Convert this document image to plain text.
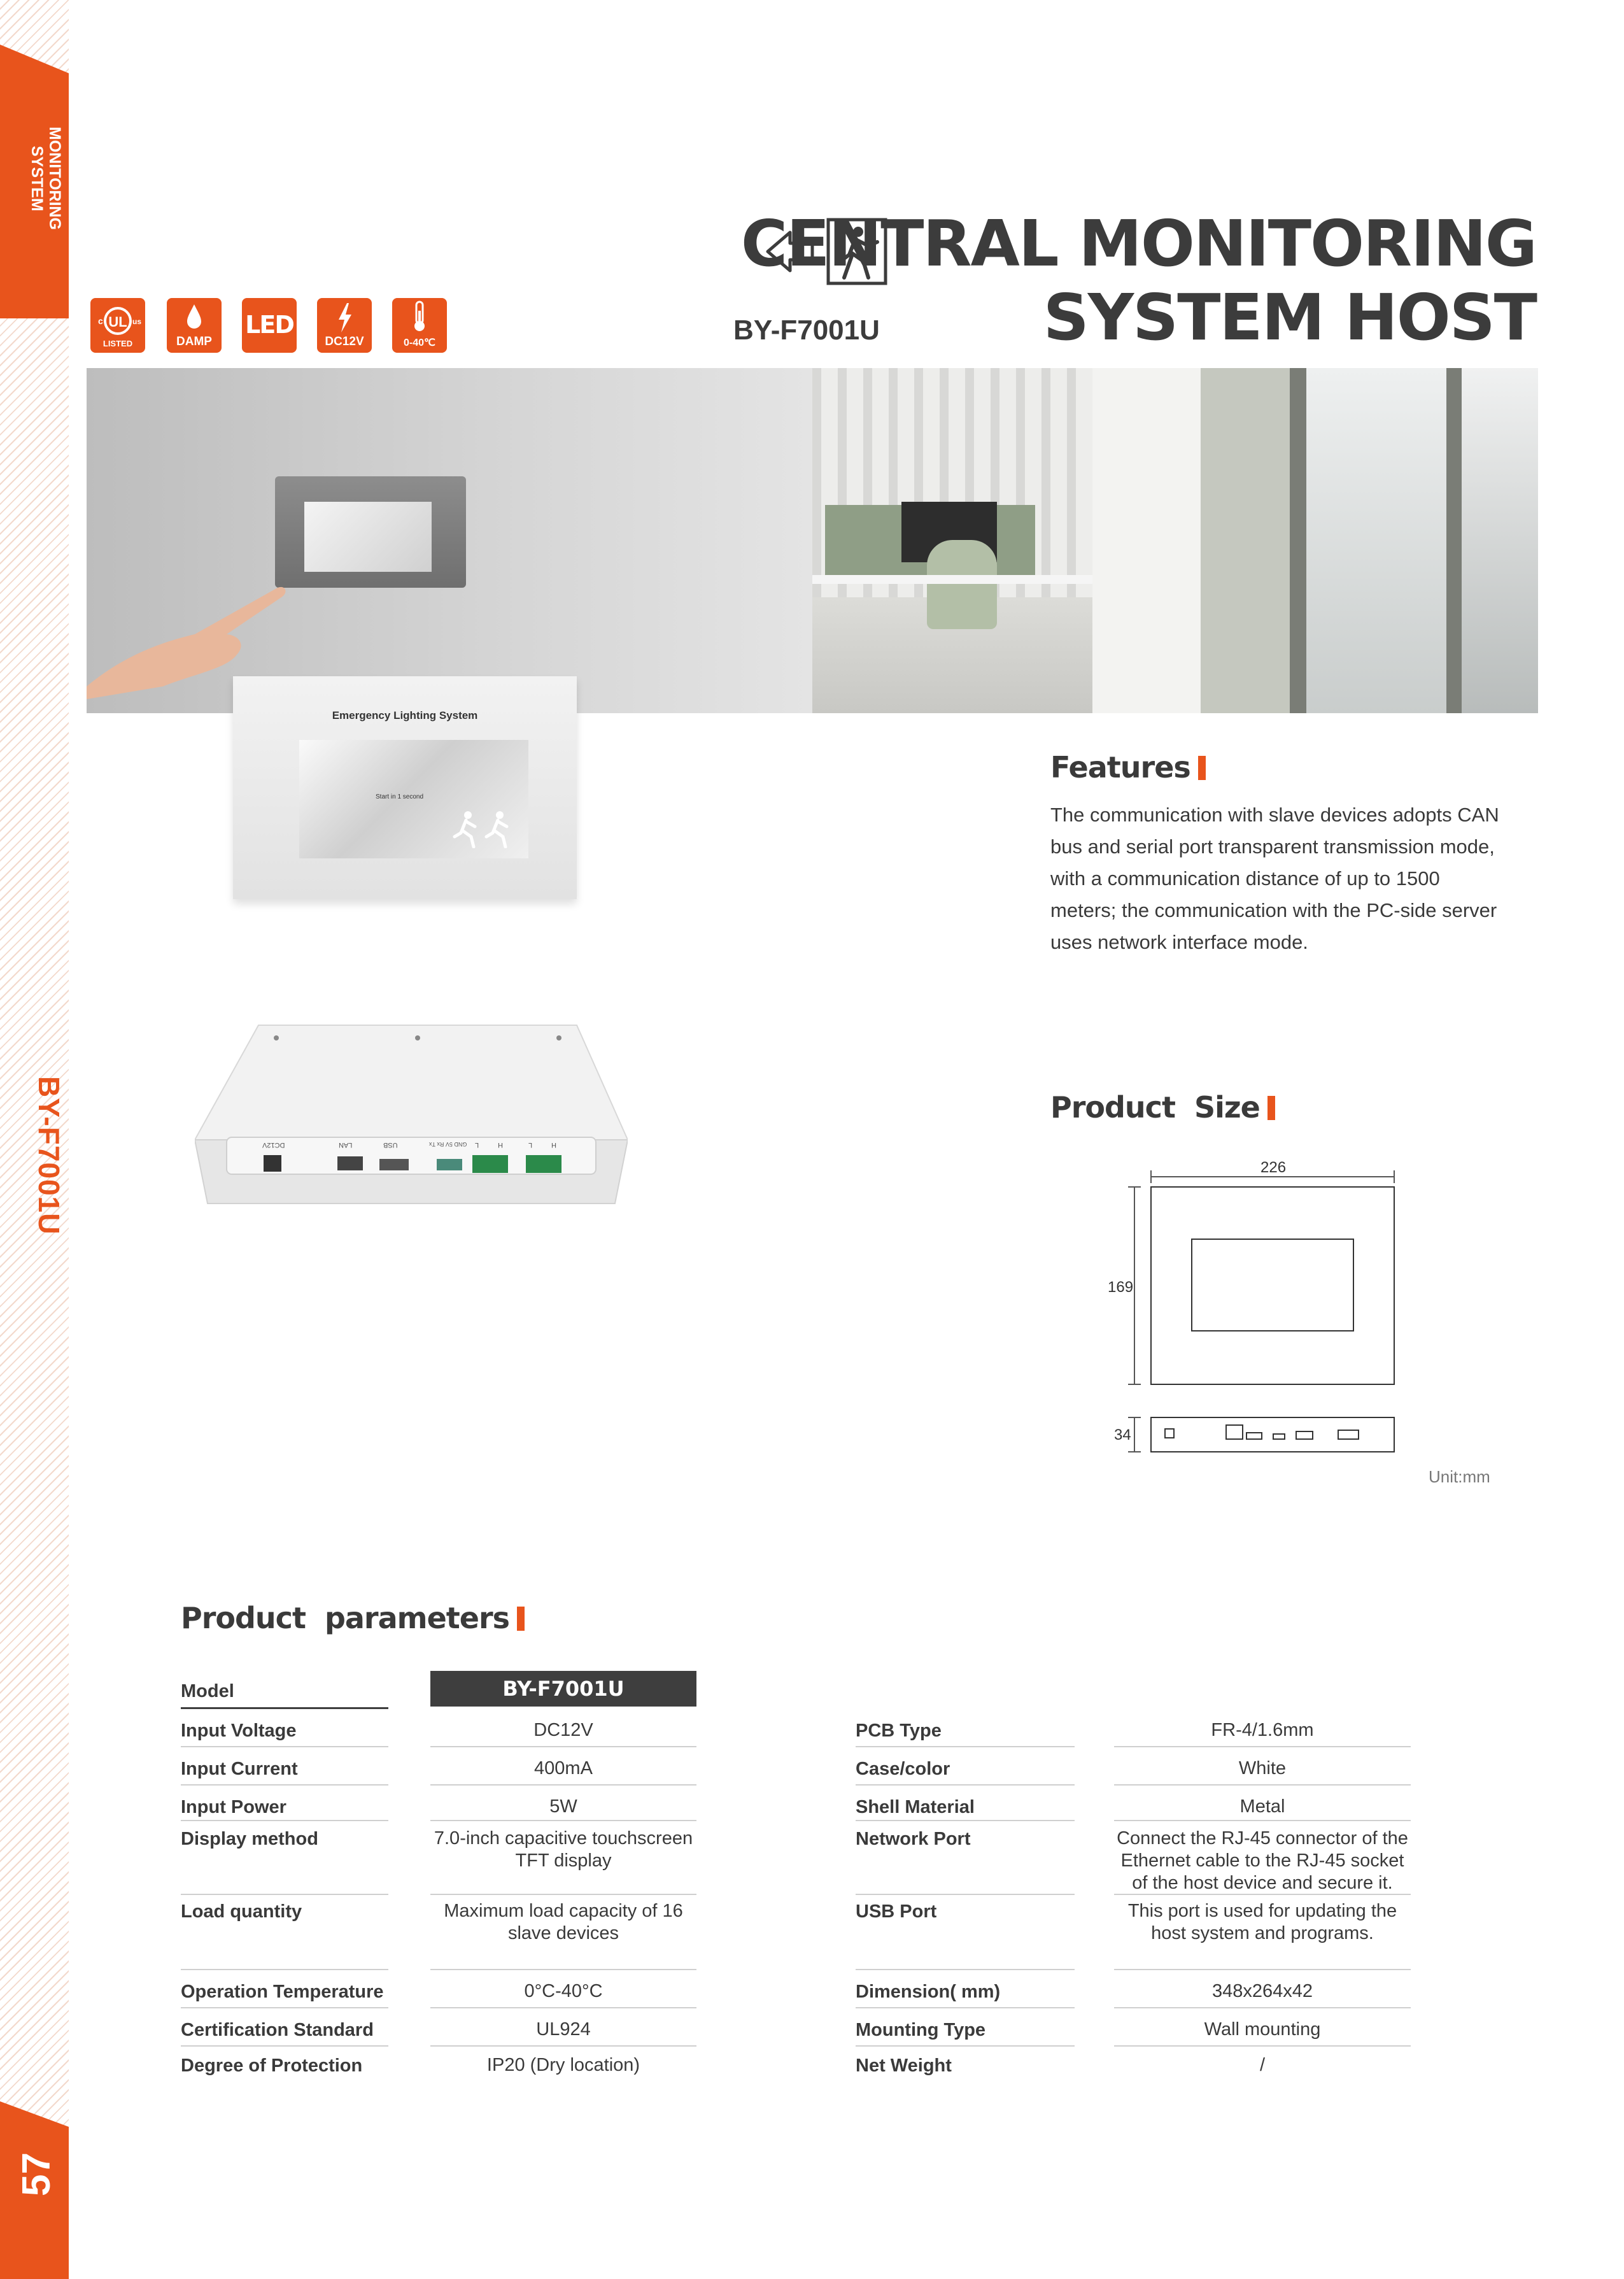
MONITORING SYSTEM
BY-F7001U
57
UL
c	us
LISTED	DAMP
LED
DC12V	0-40℃
CENTRAL MONITORING
SYSTEM HOST
BY-F7001U
Emergency Lighting System
Start in 1 second
DC12V	LAN	USB	GND 5V Rx Tx L	H	L	H
Features
The communication with slave devices adopts CAN bus and serial port transparent transmission mode, with a communication distance of up to 1500 meters; the communication with the PC-side server uses network interface mode.
Product  Size
226
169
34
Unit:mm
Product  parameters
Model	BY-F7001U
Input Voltage	DC12V
Input Current	400mA
Input Power	5W
Display method	7.0-inch capacitive touchscreen TFT display
Load quantity	Maximum load capacity of 16 slave devices
Operation Temperature	0°C-40°C
Certification Standard	UL924
Degree of Protection	IP20 (Dry location)
PCB Type	FR-4/1.6mm
Case/color	White
Shell Material	Metal
Network Port	Connect the RJ-45 connector of the Ethernet cable to the RJ-45 socket of the host device and secure it.
USB Port	This port is used for updating the host system and programs.
Dimension( mm)	348x264x42
Mounting Type	Wall mounting
Net Weight	/
